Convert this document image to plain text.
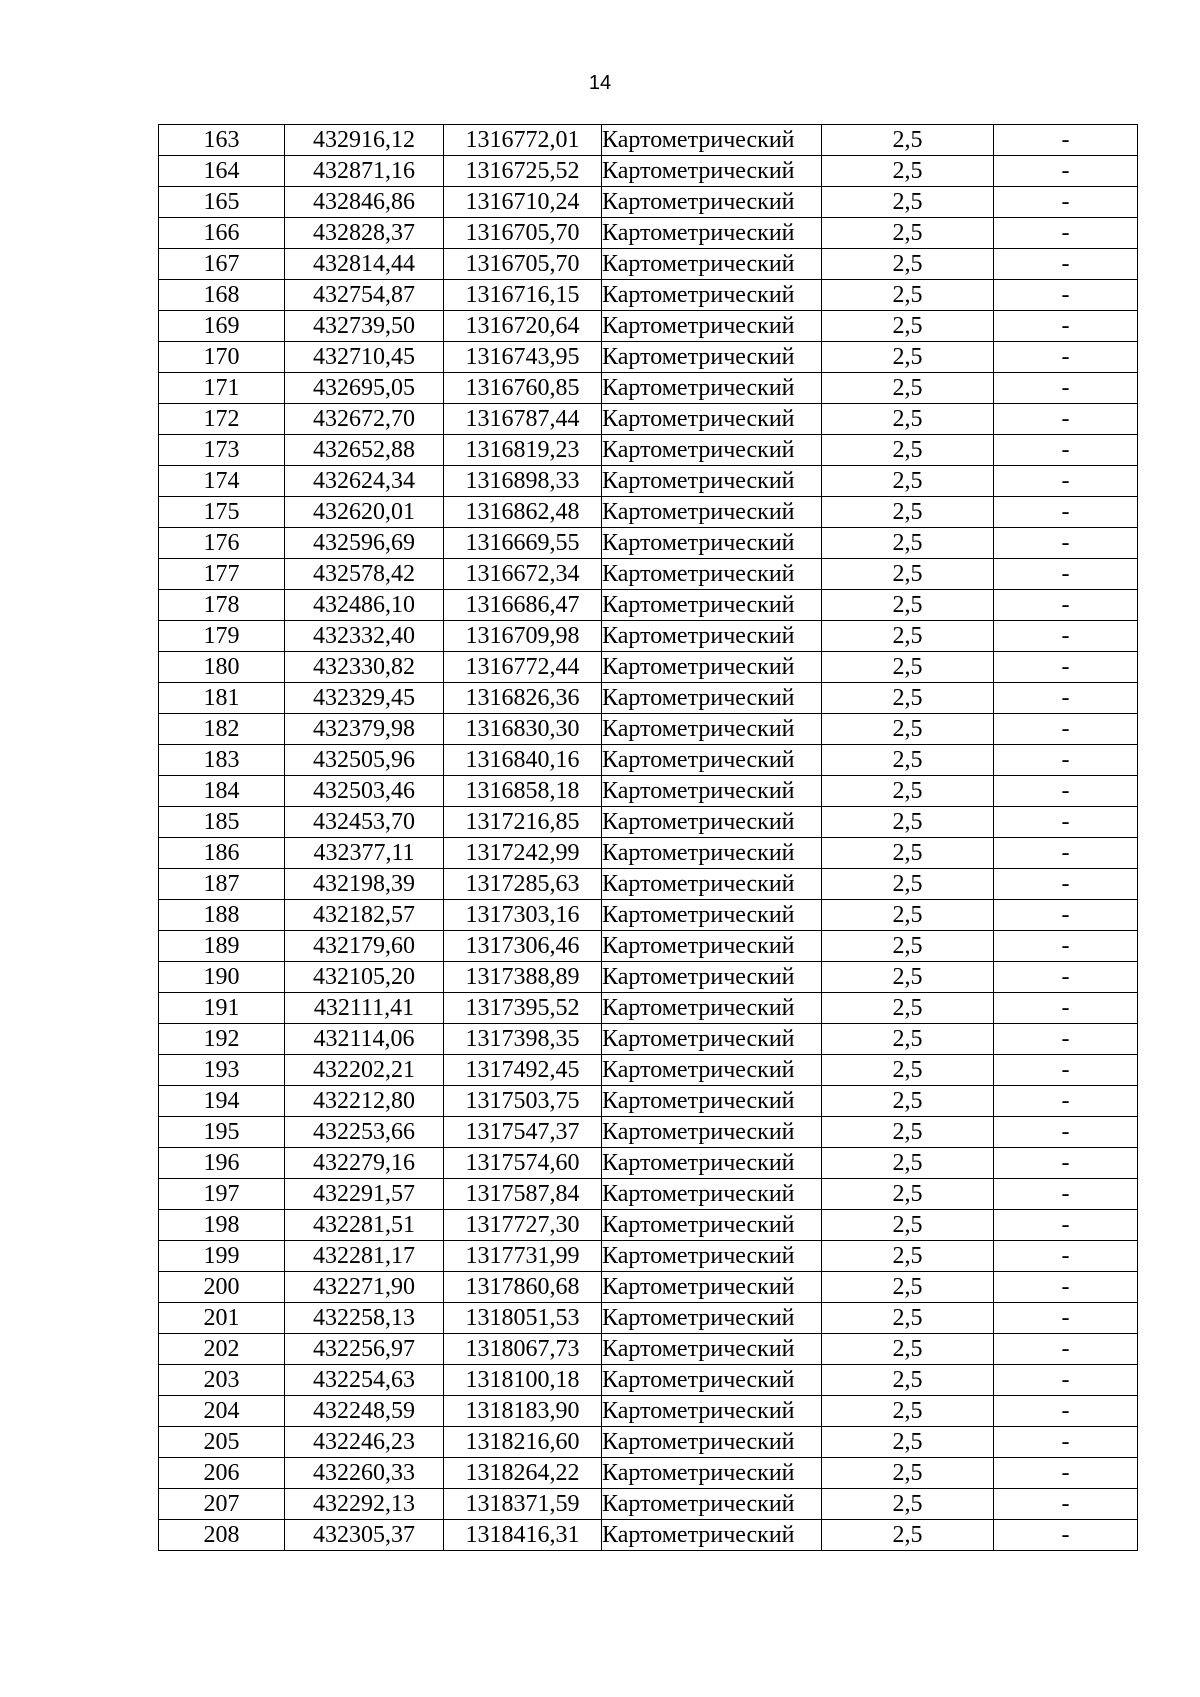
14
163	432916,12	1316772,01	Картометрический	2,5	-
164	432871,16	1316725,52	Картометрический	2,5	-
165	432846,86	1316710,24	Картометрический	2,5	-
166	432828,37	1316705,70	Картометрический	2,5	-
167	432814,44	1316705,70	Картометрический	2,5	-
168	432754,87	1316716,15	Картометрический	2,5	-
169	432739,50	1316720,64	Картометрический	2,5	-
170	432710,45	1316743,95	Картометрический	2,5	-
171	432695,05	1316760,85	Картометрический	2,5	-
172	432672,70	1316787,44	Картометрический	2,5	-
173	432652,88	1316819,23	Картометрический	2,5	-
174	432624,34	1316898,33	Картометрический	2,5	-
175	432620,01	1316862,48	Картометрический	2,5	-
176	432596,69	1316669,55	Картометрический	2,5	-
177	432578,42	1316672,34	Картометрический	2,5	-
178	432486,10	1316686,47	Картометрический	2,5	-
179	432332,40	1316709,98	Картометрический	2,5	-
180	432330,82	1316772,44	Картометрический	2,5	-
181	432329,45	1316826,36	Картометрический	2,5	-
182	432379,98	1316830,30	Картометрический	2,5	-
183	432505,96	1316840,16	Картометрический	2,5	-
184	432503,46	1316858,18	Картометрический	2,5	-
185	432453,70	1317216,85	Картометрический	2,5	-
186	432377,11	1317242,99	Картометрический	2,5	-
187	432198,39	1317285,63	Картометрический	2,5	-
188	432182,57	1317303,16	Картометрический	2,5	-
189	432179,60	1317306,46	Картометрический	2,5	-
190	432105,20	1317388,89	Картометрический	2,5	-
191	432111,41	1317395,52	Картометрический	2,5	-
192	432114,06	1317398,35	Картометрический	2,5	-
193	432202,21	1317492,45	Картометрический	2,5	-
194	432212,80	1317503,75	Картометрический	2,5	-
195	432253,66	1317547,37	Картометрический	2,5	-
196	432279,16	1317574,60	Картометрический	2,5	-
197	432291,57	1317587,84	Картометрический	2,5	-
198	432281,51	1317727,30	Картометрический	2,5	-
199	432281,17	1317731,99	Картометрический	2,5	-
200	432271,90	1317860,68	Картометрический	2,5	-
201	432258,13	1318051,53	Картометрический	2,5	-
202	432256,97	1318067,73	Картометрический	2,5	-
203	432254,63	1318100,18	Картометрический	2,5	-
204	432248,59	1318183,90	Картометрический	2,5	-
205	432246,23	1318216,60	Картометрический	2,5	-
206	432260,33	1318264,22	Картометрический	2,5	-
207	432292,13	1318371,59	Картометрический	2,5	-
208	432305,37	1318416,31	Картометрический	2,5	-
